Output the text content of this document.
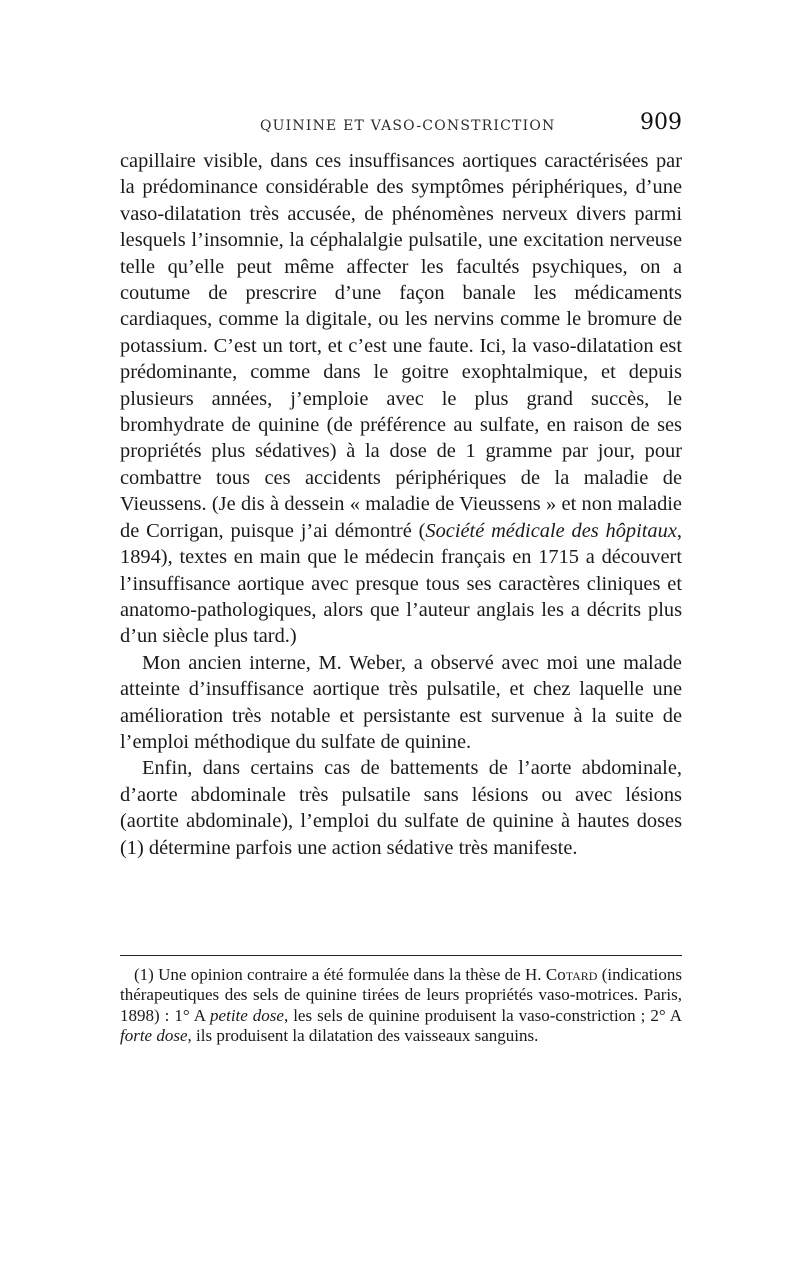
QUININE ET VASO-CONSTRICTION	909

capillaire visible, dans ces insuffisances aortiques caractérisées par la prédominance considérable des symptômes périphériques, d’une vaso-dilatation très accusée, de phénomènes nerveux divers parmi lesquels l’insomnie, la céphalalgie pulsatile, une excitation nerveuse telle qu’elle peut même affecter les facultés psychiques, on a coutume de prescrire d’une façon banale les médicaments cardiaques, comme la digitale, ou les nervins comme le bromure de potassium. C’est un tort, et c’est une faute. Ici, la vaso-dilatation est prédominante, comme dans le goitre exophtalmique, et depuis plusieurs années, j’emploie avec le plus grand succès, le bromhydrate de quinine (de préférence au sulfate, en raison de ses propriétés plus sédatives) à la dose de 1 gramme par jour, pour combattre tous ces accidents périphériques de la maladie de Vieussens. (Je dis à dessein « maladie de Vieussens » et non maladie de Corrigan, puisque j’ai démontré (Société médicale des hôpitaux, 1894), textes en main que le médecin français en 1715 a découvert l’insuffisance aortique avec presque tous ses caractères cliniques et anatomo-pathologiques, alors que l’auteur anglais les a décrits plus d’un siècle plus tard.)

Mon ancien interne, M. Weber, a observé avec moi une malade atteinte d’insuffisance aortique très pulsatile, et chez laquelle une amélioration très notable et persistante est survenue à la suite de l’emploi méthodique du sulfate de quinine.

Enfin, dans certains cas de battements de l’aorte abdominale, d’aorte abdominale très pulsatile sans lésions ou avec lésions (aortite abdominale), l’emploi du sulfate de quinine à hautes doses (1) détermine parfois une action sédative très manifeste.

(1) Une opinion contraire a été formulée dans la thèse de H. Cotard (indications thérapeutiques des sels de quinine tirées de leurs propriétés vaso-motrices. Paris, 1898) : 1° A petite dose, les sels de quinine produisent la vaso-constriction ; 2° A forte dose, ils produisent la dilatation des vaisseaux sanguins.
